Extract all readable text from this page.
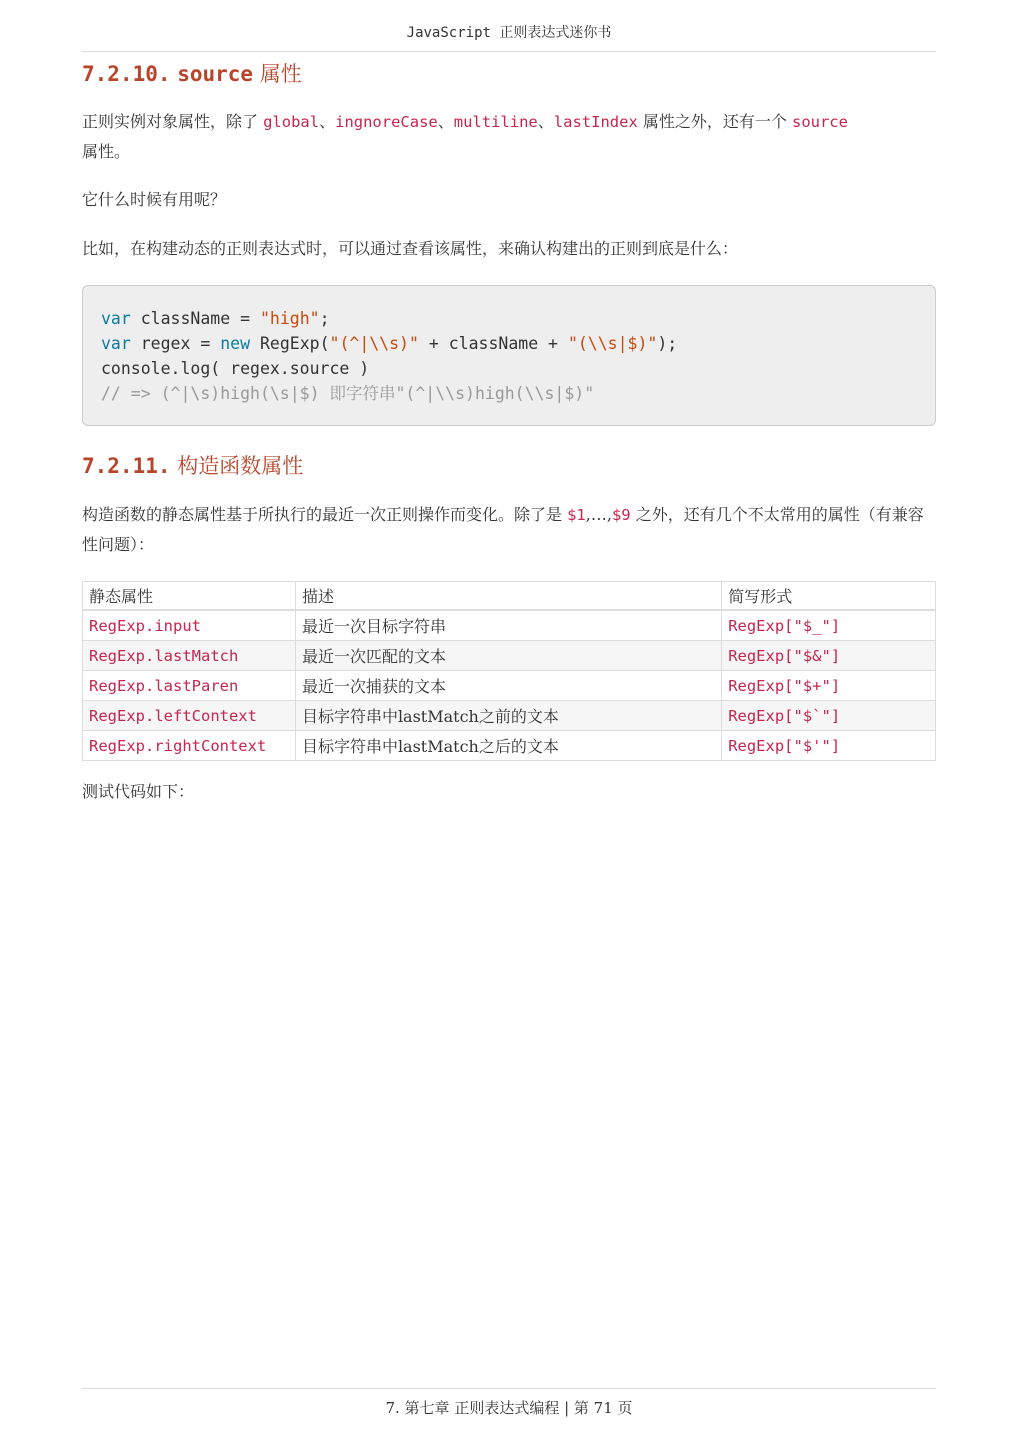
JavaScript 正则表达式迷你书
7.2.10. source 属性

正则实例对象属性，除了 global、ingnoreCase、multiline、lastIndex 属性之外，还有一个 source
属性。

它什么时候有用呢？

比如，在构建动态的正则表达式时，可以通过查看该属性，来确认构建出的正则到底是什么：

var className = "high";
var regex = new RegExp("(^|\\s)" + className + "(\\s|$)");
console.log( regex.source )
// => (^|\s)high(\s|$) 即字符串"(^|\\s)high(\\s|$)"
7.2.11. 构造函数属性

构造函数的静态属性基于所执行的最近一次正则操作而变化。除了是 $1,…,$9 之外，还有几个不太常用的属性（有兼容性问题）：

静态属性	描述	简写形式
RegExp.input	最近一次目标字符串	RegExp["$_"]
RegExp.lastMatch	最近一次匹配的文本	RegExp["$&"]
RegExp.lastParen	最近一次捕获的文本	RegExp["$+"]
RegExp.leftContext	目标字符串中lastMatch之前的文本	RegExp["$`"]
RegExp.rightContext	目标字符串中lastMatch之后的文本	RegExp["$'"]

测试代码如下：

7. 第七章 正则表达式编程 | 第 71 页
